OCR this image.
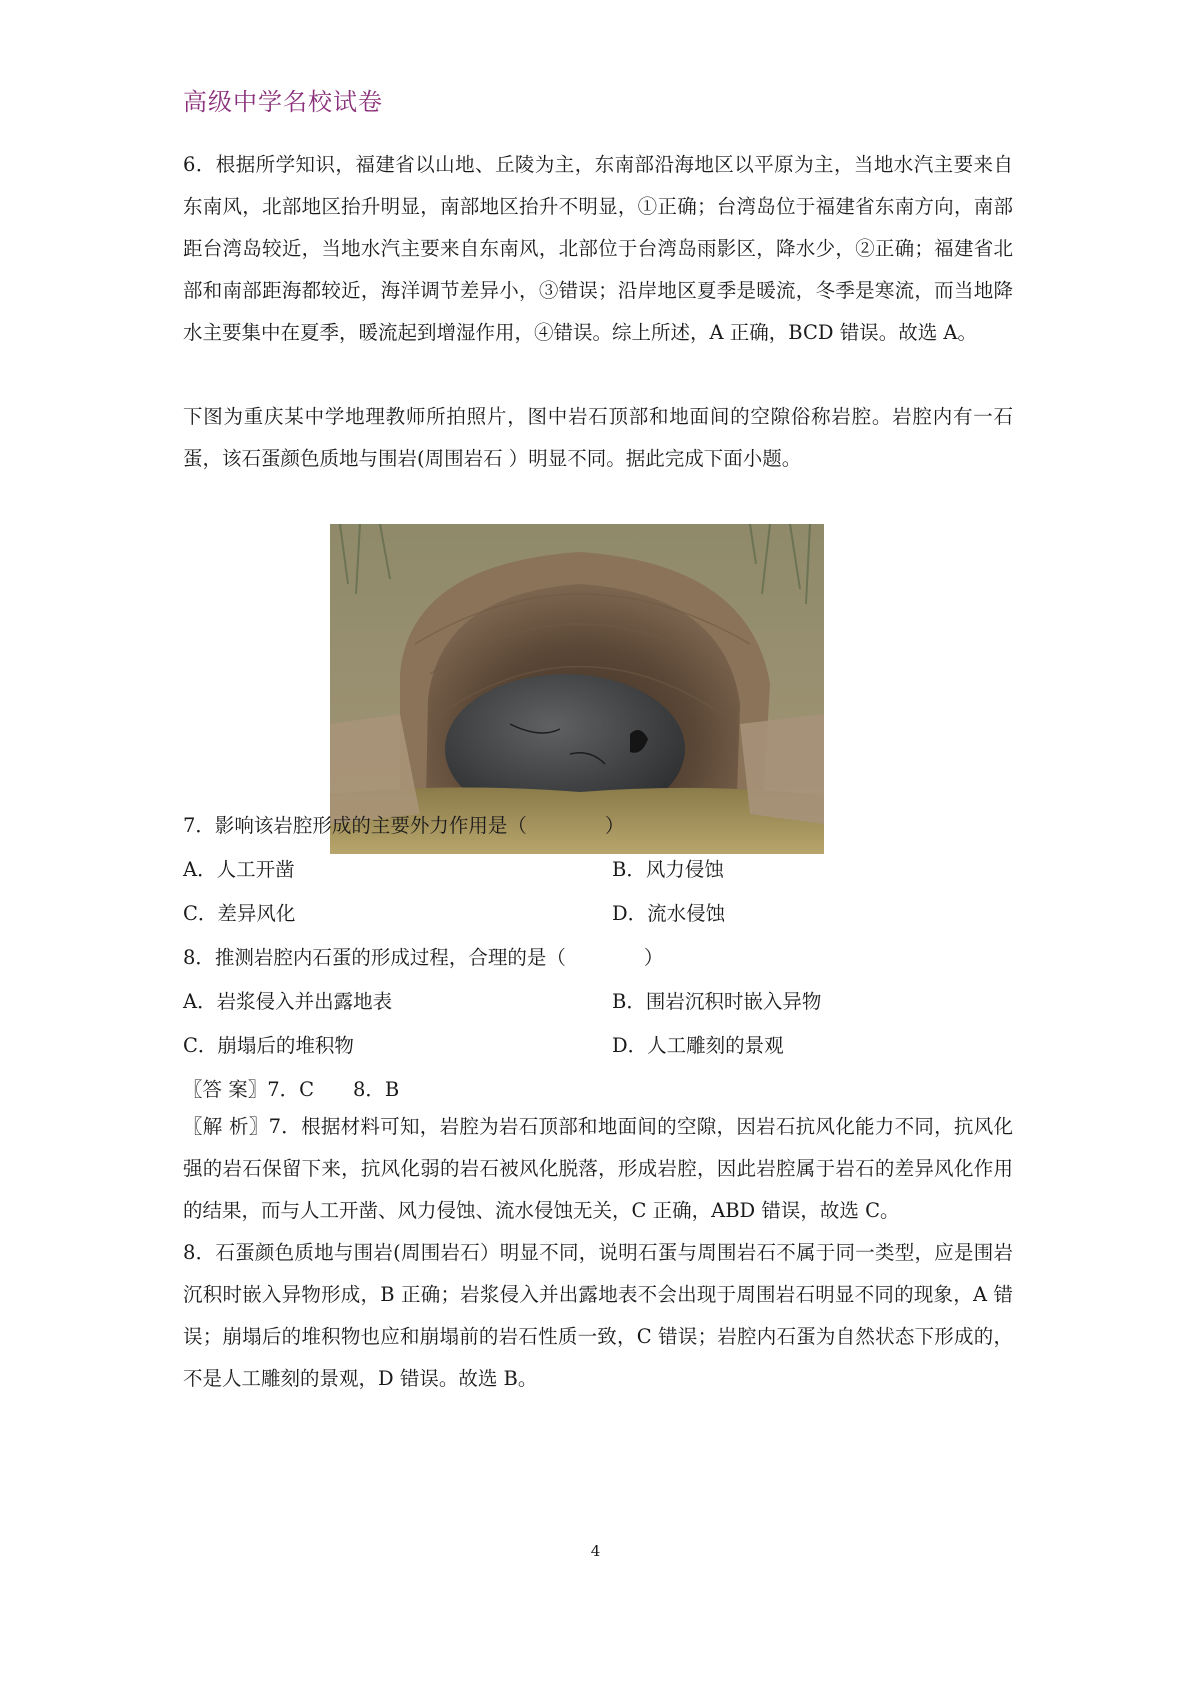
高级中学名校试卷

6．根据所学知识，福建省以山地、丘陵为主，东南部沿海地区以平原为主，当地水汽主要来自东南风，北部地区抬升明显，南部地区抬升不明显，①正确；台湾岛位于福建省东南方向，南部距台湾岛较近，当地水汽主要来自东南风，北部位于台湾岛雨影区，降水少，②正确；福建省北部和南部距海都较近，海洋调节差异小，③错误；沿岸地区夏季是暖流，冬季是寒流，而当地降水主要集中在夏季，暖流起到增湿作用，④错误。综上所述，A 正确，BCD 错误。故选 A。

下图为重庆某中学地理教师所拍照片，图中岩石顶部和地面间的空隙俗称岩腔。岩腔内有一石蛋，该石蛋颜色质地与围岩(周围岩石 ）明显不同。据此完成下面小题。

7．影响该岩腔形成的主要外力作用是（　　　　）
A．人工开凿	B．风力侵蚀
C．差异风化	D．流水侵蚀
8．推测岩腔内石蛋的形成过程，合理的是（　　　　）
A．岩浆侵入并出露地表	B．围岩沉积时嵌入异物
C．崩塌后的堆积物	D．人工雕刻的景观
〖答 案〗7．C　　8．B

〖解 析〗7．根据材料可知，岩腔为岩石顶部和地面间的空隙，因岩石抗风化能力不同，抗风化强的岩石保留下来，抗风化弱的岩石被风化脱落，形成岩腔，因此岩腔属于岩石的差异风化作用的结果，而与人工开凿、风力侵蚀、流水侵蚀无关，C 正确，ABD 错误，故选 C。

8．石蛋颜色质地与围岩(周围岩石）明显不同，说明石蛋与周围岩石不属于同一类型，应是围岩沉积时嵌入异物形成，B 正确；岩浆侵入并出露地表不会出现于周围岩石明显不同的现象，A 错误；崩塌后的堆积物也应和崩塌前的岩石性质一致，C 错误；岩腔内石蛋为自然状态下形成的，不是人工雕刻的景观，D 错误。故选 B。

4
